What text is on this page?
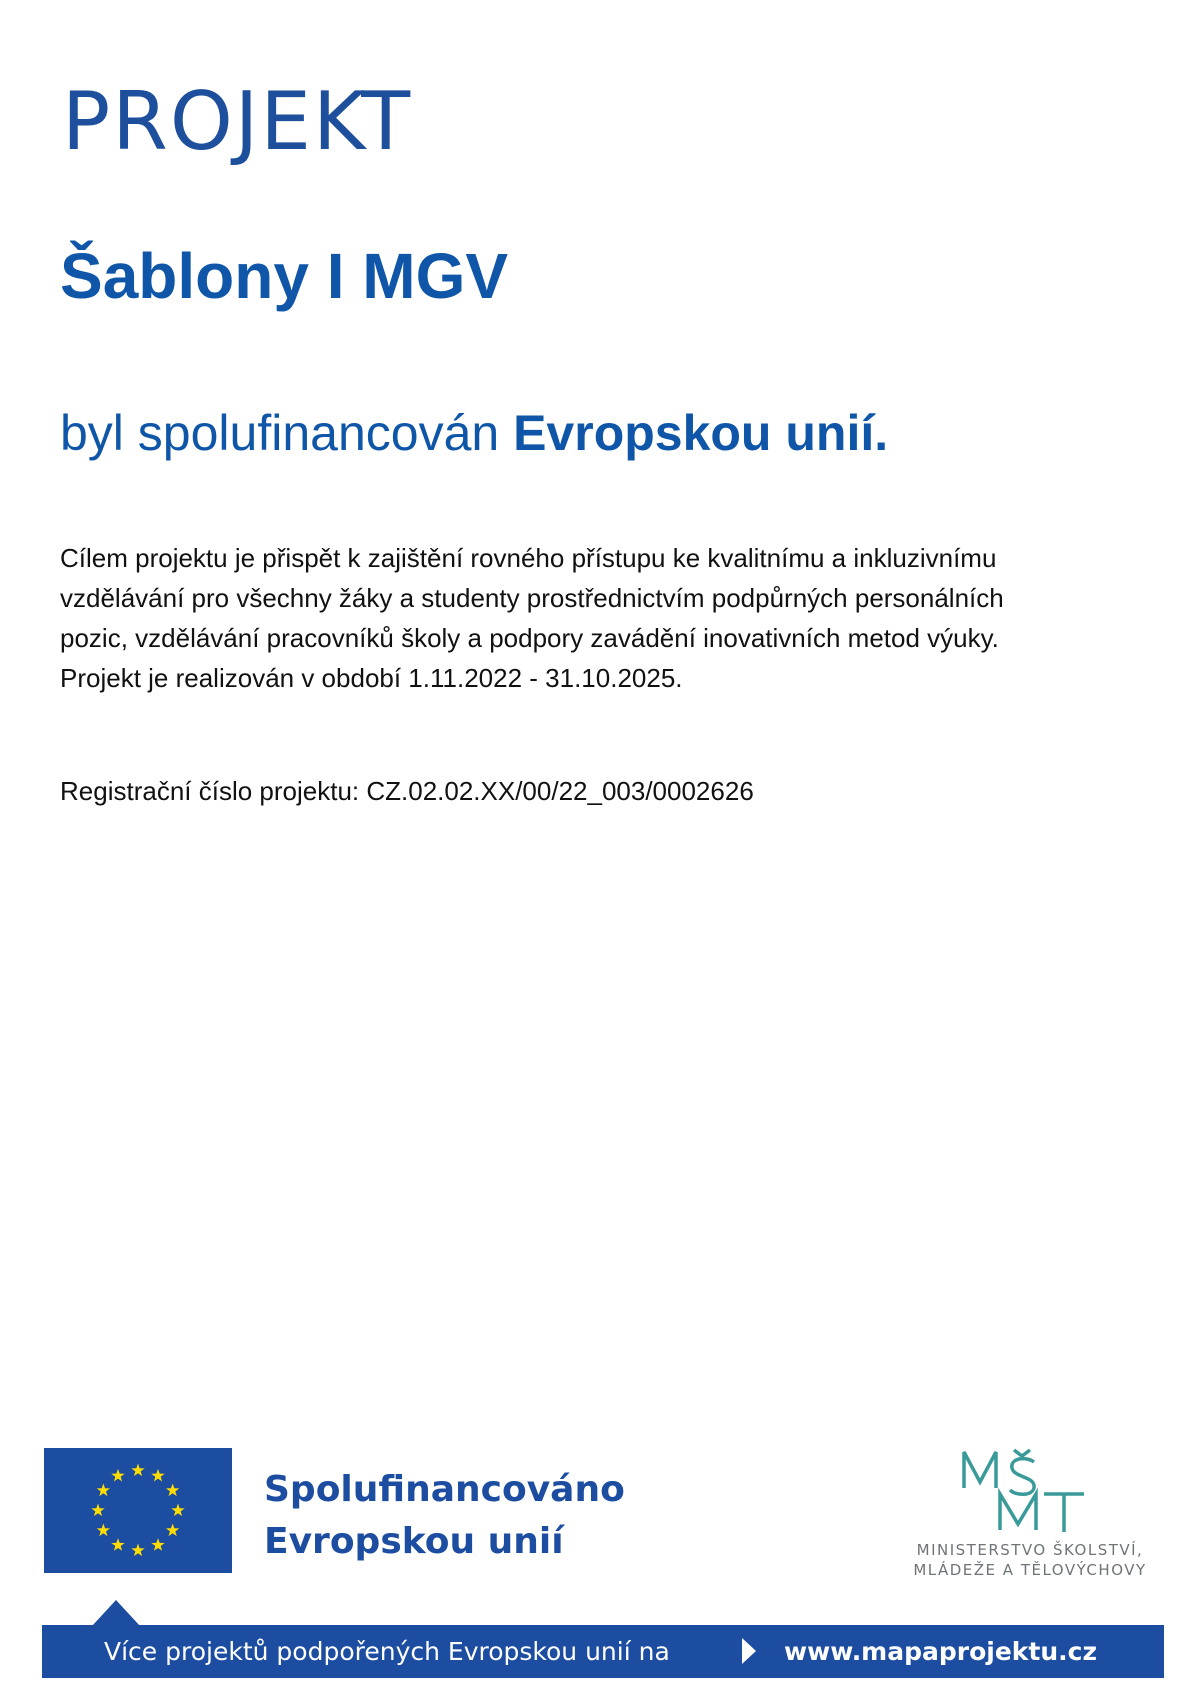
PROJEKT
Šablony I MGV

byl spolufinancován Evropskou unií.

Cílem projektu je přispět k zajištění rovného přístupu ke kvalitnímu a inkluzivnímu
vzdělávání pro všechny žáky a studenty prostřednictvím podpůrných personálních
pozic, vzdělávání pracovníků školy a podpory zavádění inovativních metod výuky.
Projekt je realizován v období 1.11.2022 - 31.10.2025.

Registrační číslo projektu: CZ.02.02.XX/00/22_003/0002626

Spolufinancováno
Evropskou unií	MINISTERSTVO ŠKOLSTVÍ,
MLÁDEŽE A TĚLOVÝCHOVY
Více projektů podpořených Evropskou unií na	www.mapaprojektu.cz
